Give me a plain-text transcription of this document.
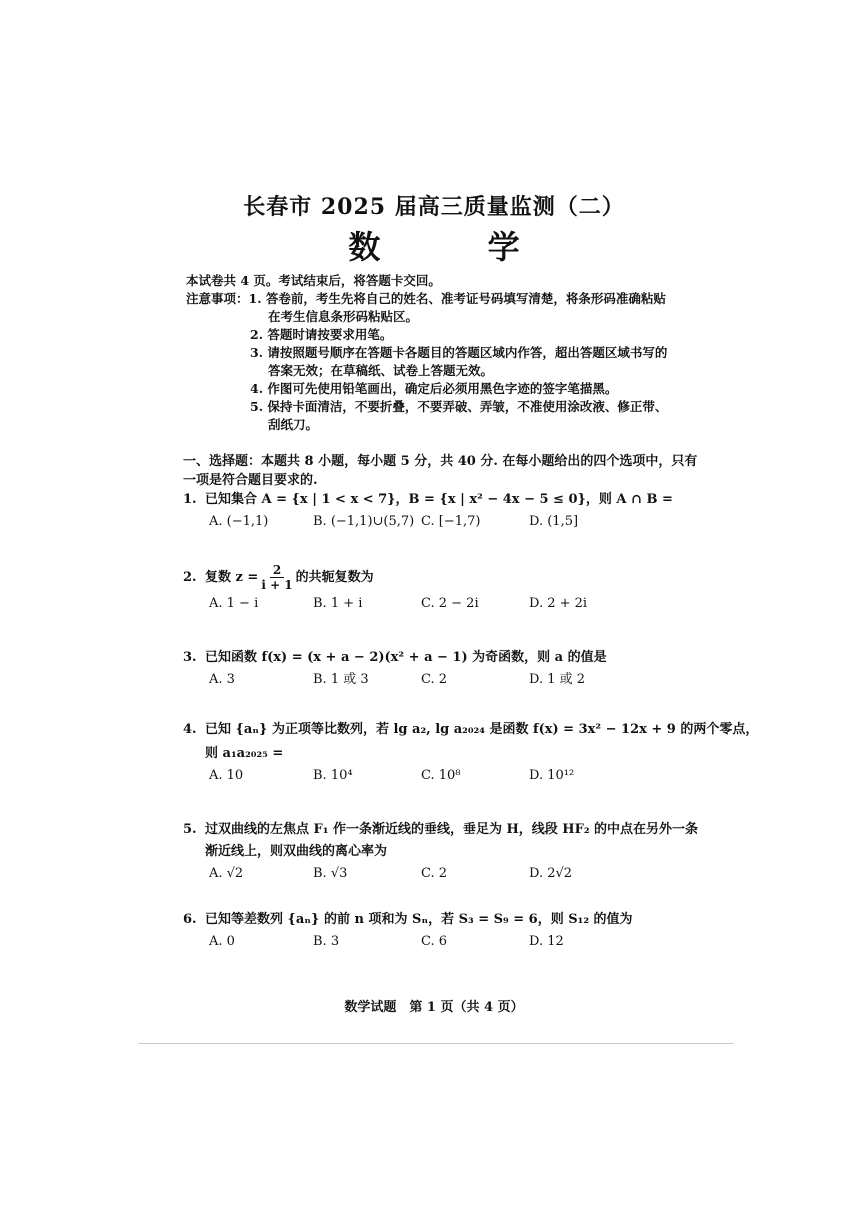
长春市 2025 届高三质量监测（二）
数 学
本试卷共 4 页。考试结束后，将答题卡交回。
注意事项：1. 答卷前，考生先将自己的姓名、准考证号码填写清楚，将条形码准确粘贴
在考生信息条形码粘贴区。
2. 答题时请按要求用笔。
3. 请按照题号顺序在答题卡各题目的答题区域内作答，超出答题区域书写的
答案无效；在草稿纸、试卷上答题无效。
4. 作图可先使用铅笔画出，确定后必须用黑色字迹的签字笔描黑。
5. 保持卡面清洁，不要折叠，不要弄破、弄皱，不准使用涂改液、修正带、
刮纸刀。
一、选择题：本题共 8 小题，每小题 5 分，共 40 分. 在每小题给出的四个选项中，只有
一项是符合题目要求的.
1. 已知集合 A = {x | 1 < x < 7}，B = {x | x² − 4x − 5 ≤ 0}，则 A ∩ B =
A. (−1,1)	B. (−1,1)∪(5,7) C. [−1,7)	D. (1,5]
2. 复数 $z = \frac{2}{i + 1}$ 的共轭复数为
A. 1 − i	B. 1 + i	C. 2 − 2i	D. 2 + 2i
3. 已知函数 f(x) = (x + a − 2)(x² + a − 1) 为奇函数，则 a 的值是
A. 3	B. 1 或 3	C. 2	D. 1 或 2
4. 已知 {aₙ} 为正项等比数列，若 lg a₂, lg a₂₀₂₄ 是函数 f(x) = 3x² − 12x + 9 的两个零点，
则 a₁a₂₀₂₅ =
A. 10	B. 10⁴	C. 10⁸	D. 10¹²
5. 过双曲线的左焦点 F₁ 作一条渐近线的垂线，垂足为 H，线段 HF₂ 的中点在另外一条
渐近线上，则双曲线的离心率为
A. √2	B. √3	C. 2	D. 2√2
6. 已知等差数列 {aₙ} 的前 n 项和为 Sₙ，若 S₃ = S₉ = 6，则 S₁₂ 的值为
A. 0	B. 3	C. 6	D. 12
数学试题　第 1 页（共 4 页）
